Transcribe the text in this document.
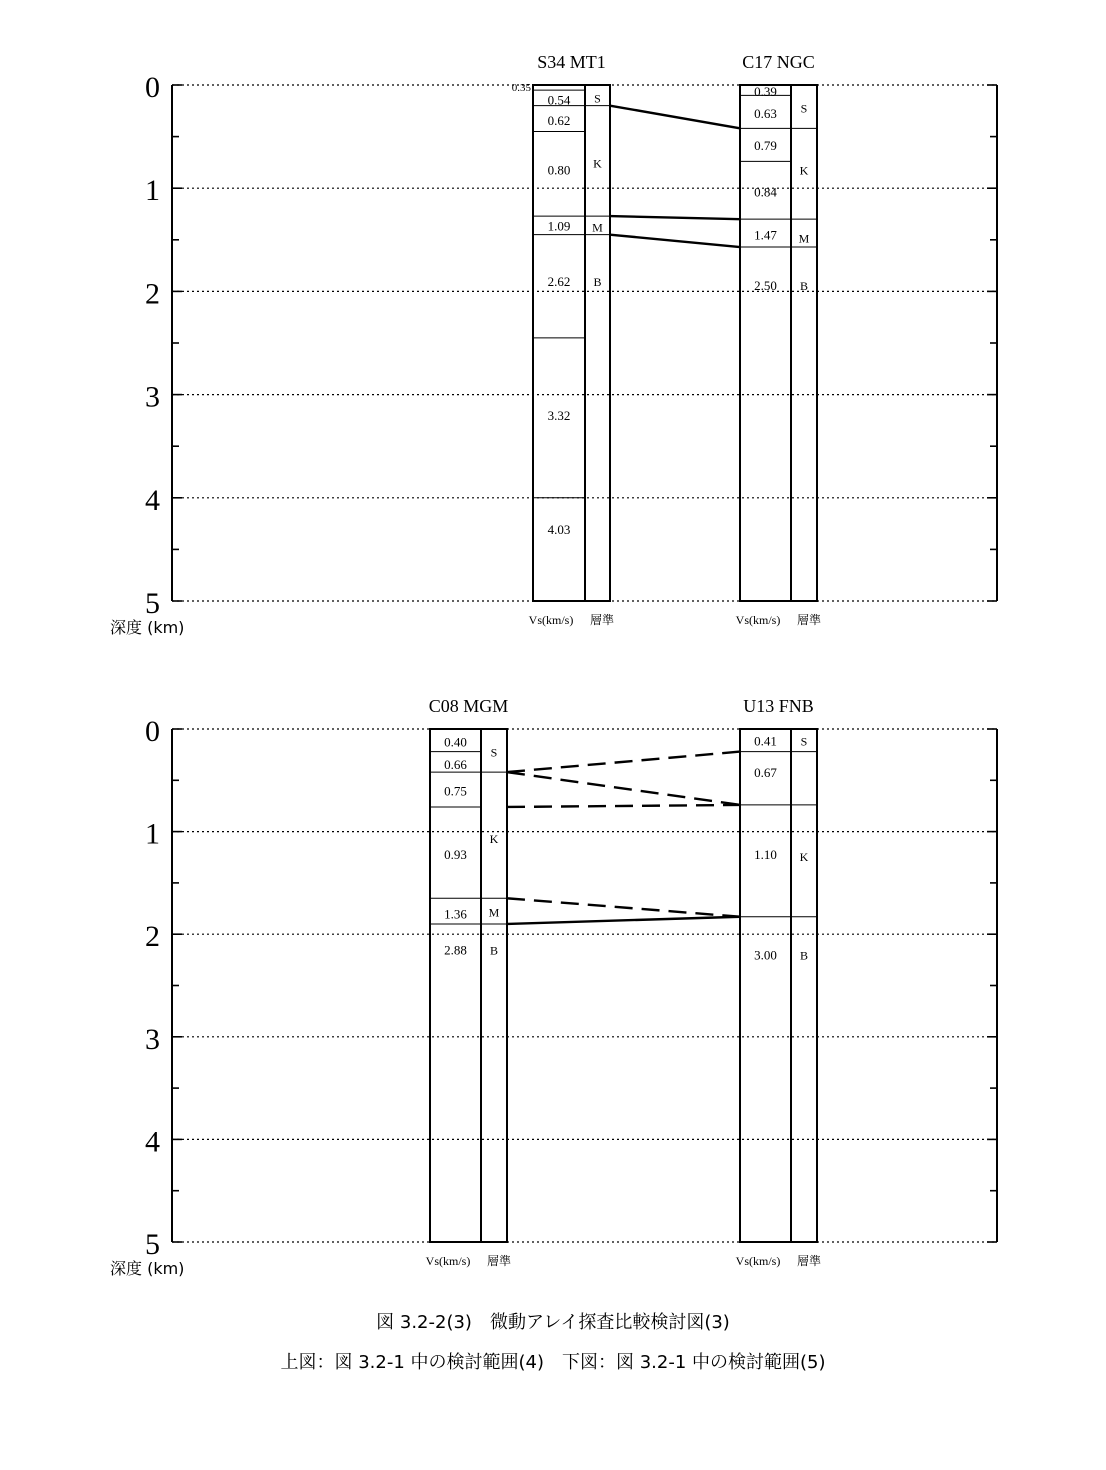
0
1
2
3
4
5
深度 (km)
S34 MT1
0.35
0.54
0.62
0.80
1.09
2.62
3.32
4.03
S
K
M
B
Vs(km/s) 層準
C17 NGC
0.39
0.63
0.79
0.84
1.47
2.50
S
K
M
B
Vs(km/s) 層準
0
1
2
3
4
5
深度 (km)
C08 MGM
0.40
0.66
0.75
0.93
1.36
2.88
S
K
M
B
Vs(km/s) 層準
U13 FNB
0.41
0.67
1.10
3.00
S
K
B
Vs(km/s) 層準
図 3.2-2(3)　微動アレイ探査比較検討図(3)
上図：図 3.2-1 中の検討範囲(4)　下図：図 3.2-1 中の検討範囲(5)
